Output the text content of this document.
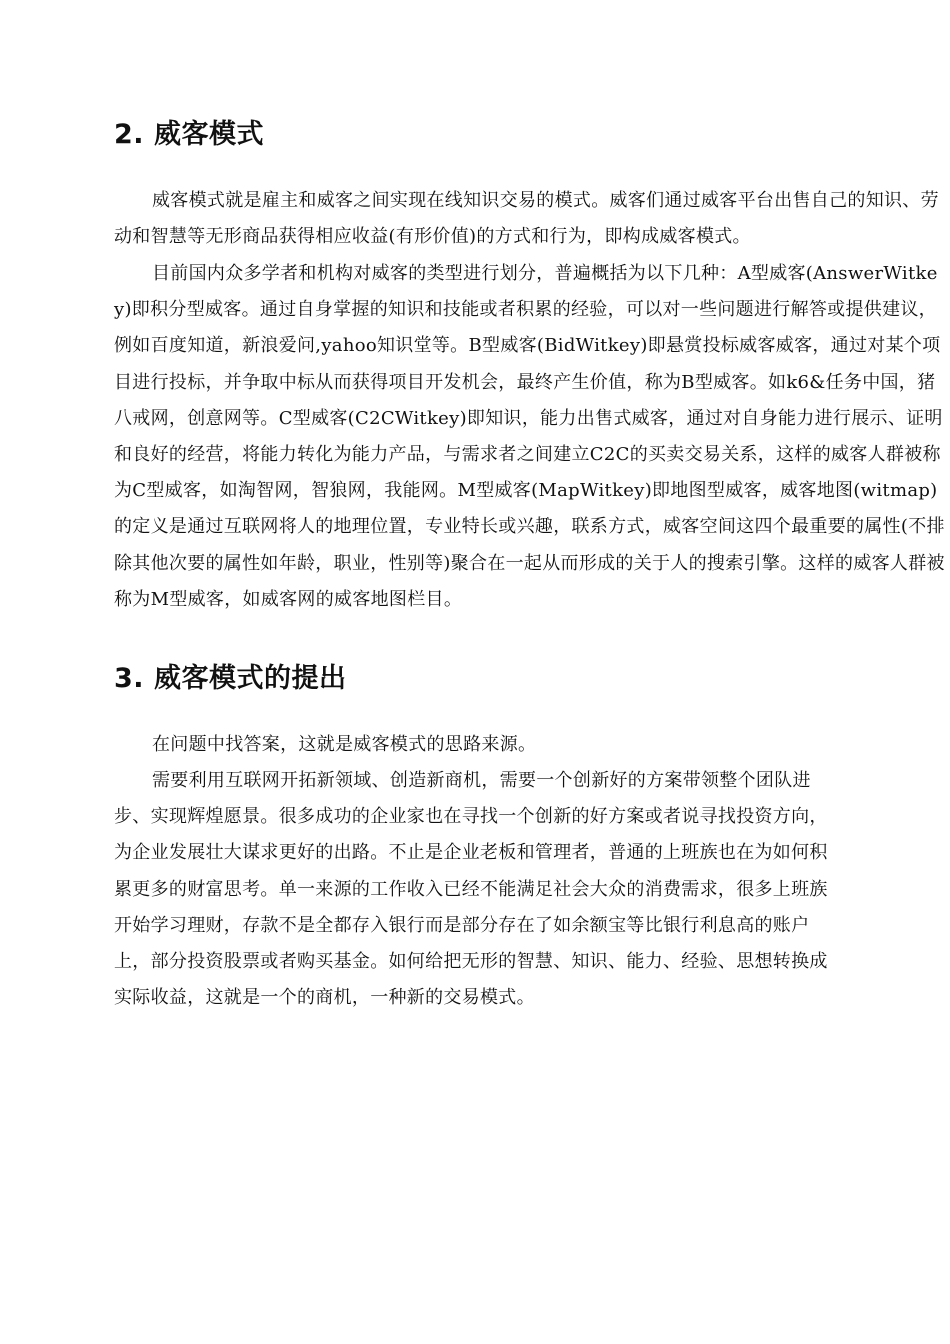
2. 威客模式

威客模式就是雇主和威客之间实现在线知识交易的模式。威客们通过威客平台出售自己的知识、劳动和智慧等无形商品获得相应收益(有形价值)的方式和行为，即构成威客模式。

目前国内众多学者和机构对威客的类型进行划分，普遍概括为以下几种：A型威客(AnswerWitkey)即积分型威客。通过自身掌握的知识和技能或者积累的经验，可以对一些问题进行解答或提供建议，例如百度知道，新浪爱问,yahoo知识堂等。B型威客(BidWitkey)即悬赏投标威客威客，通过对某个项目进行投标，并争取中标从而获得项目开发机会，最终产生价值，称为B型威客。如k6&任务中国，猪八戒网，创意网等。C型威客(C2CWitkey)即知识，能力出售式威客，通过对自身能力进行展示、证明和良好的经营，将能力转化为能力产品，与需求者之间建立C2C的买卖交易关系，这样的威客人群被称为C型威客，如淘智网，智狼网，我能网。M型威客(MapWitkey)即地图型威客，威客地图(witmap)的定义是通过互联网将人的地理位置，专业特长或兴趣，联系方式，威客空间这四个最重要的属性(不排除其他次要的属性如年龄，职业，性别等)聚合在一起从而形成的关于人的搜索引擎。这样的威客人群被称为M型威客，如威客网的威客地图栏目。

3. 威客模式的提出

在问题中找答案，这就是威客模式的思路来源。

需要利用互联网开拓新领域、创造新商机，需要一个创新好的方案带领整个团队进步、实现辉煌愿景。很多成功的企业家也在寻找一个创新的好方案或者说寻找投资方向，为企业发展壮大谋求更好的出路。不止是企业老板和管理者，普通的上班族也在为如何积累更多的财富思考。单一来源的工作收入已经不能满足社会大众的消费需求，很多上班族开始学习理财，存款不是全都存入银行而是部分存在了如余额宝等比银行利息高的账户上，部分投资股票或者购买基金。如何给把无形的智慧、知识、能力、经验、思想转换成实际收益，这就是一个的商机，一种新的交易模式。
